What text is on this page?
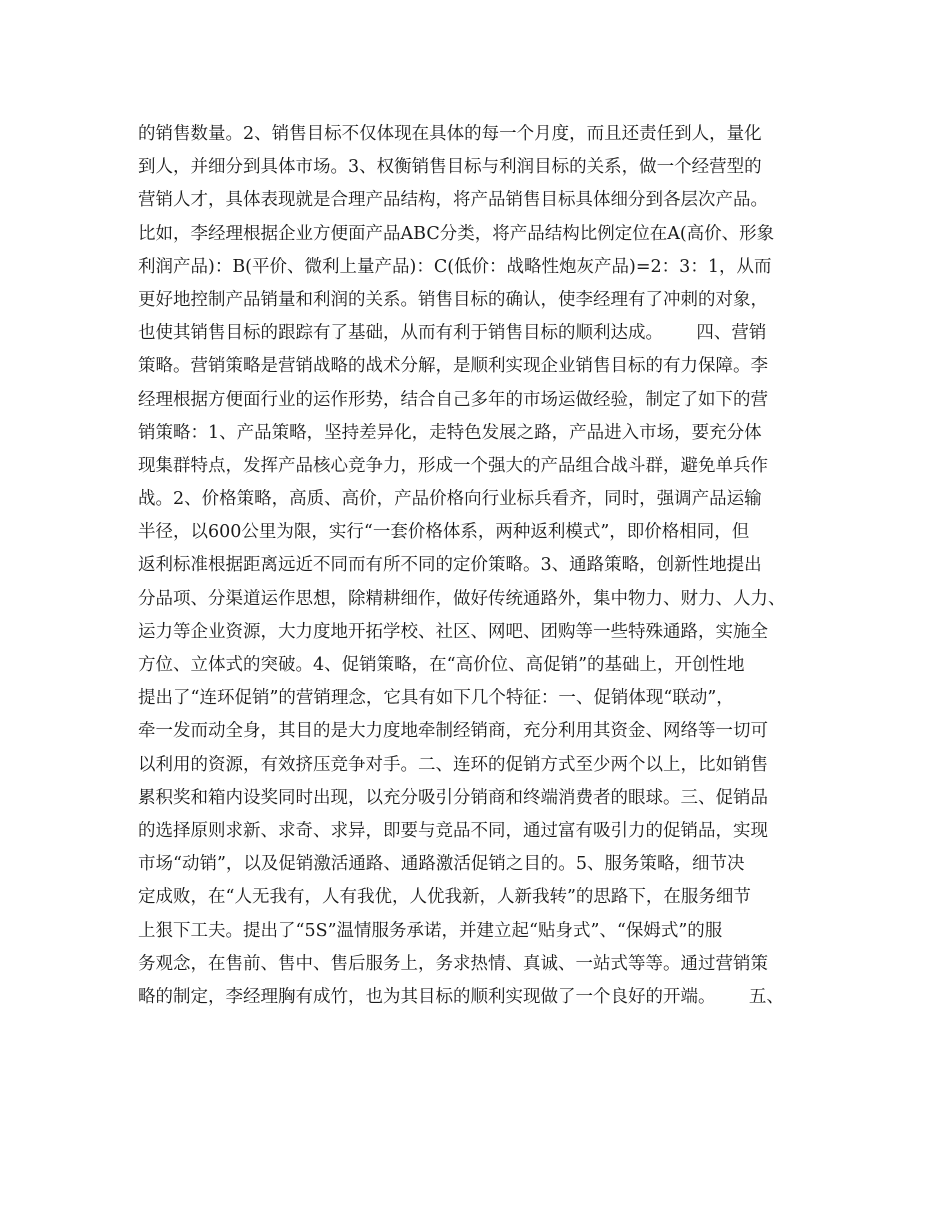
的销售数量。2、销售目标不仅体现在具体的每一个月度，而且还责任到人，量化
到人，并细分到具体市场。3、权衡销售目标与利润目标的关系，做一个经营型的
营销人才，具体表现就是合理产品结构，将产品销售目标具体细分到各层次产品。
比如，李经理根据企业方便面产品ABC分类，将产品结构比例定位在A(高价、形象
利润产品)：B(平价、微利上量产品)：C(低价：战略性炮灰产品)=2：3：1，从而
更好地控制产品销量和利润的关系。销售目标的确认，使李经理有了冲刺的对象，
也使其销售目标的跟踪有了基础，从而有利于销售目标的顺利达成。      四、营销
策略。营销策略是营销战略的战术分解，是顺利实现企业销售目标的有力保障。李
经理根据方便面行业的运作形势，结合自己多年的市场运做经验，制定了如下的营
销策略：1、产品策略，坚持差异化，走特色发展之路，产品进入市场，要充分体
现集群特点，发挥产品核心竞争力，形成一个强大的产品组合战斗群，避免单兵作
战。2、价格策略，高质、高价，产品价格向行业标兵看齐，同时，强调产品运输
半径，以600公里为限，实行“一套价格体系，两种返利模式”，即价格相同，但
返利标准根据距离远近不同而有所不同的定价策略。3、通路策略，创新性地提出
分品项、分渠道运作思想，除精耕细作，做好传统通路外，集中物力、财力、人力、
运力等企业资源，大力度地开拓学校、社区、网吧、团购等一些特殊通路，实施全
方位、立体式的突破。4、促销策略，在“高价位、高促销”的基础上，开创性地
提出了“连环促销”的营销理念，它具有如下几个特征：一、促销体现“联动”，
牵一发而动全身，其目的是大力度地牵制经销商，充分利用其资金、网络等一切可
以利用的资源，有效挤压竞争对手。二、连环的促销方式至少两个以上，比如销售
累积奖和箱内设奖同时出现，以充分吸引分销商和终端消费者的眼球。三、促销品
的选择原则求新、求奇、求异，即要与竞品不同，通过富有吸引力的促销品，实现
市场“动销”，以及促销激活通路、通路激活促销之目的。5、服务策略，细节决
定成败，在“人无我有，人有我优，人优我新，人新我转”的思路下，在服务细节
上狠下工夫。提出了“5S”温情服务承诺，并建立起“贴身式”、“保姆式”的服
务观念，在售前、售中、售后服务上，务求热情、真诚、一站式等等。通过营销策
略的制定，李经理胸有成竹，也为其目标的顺利实现做了一个良好的开端。      五、
